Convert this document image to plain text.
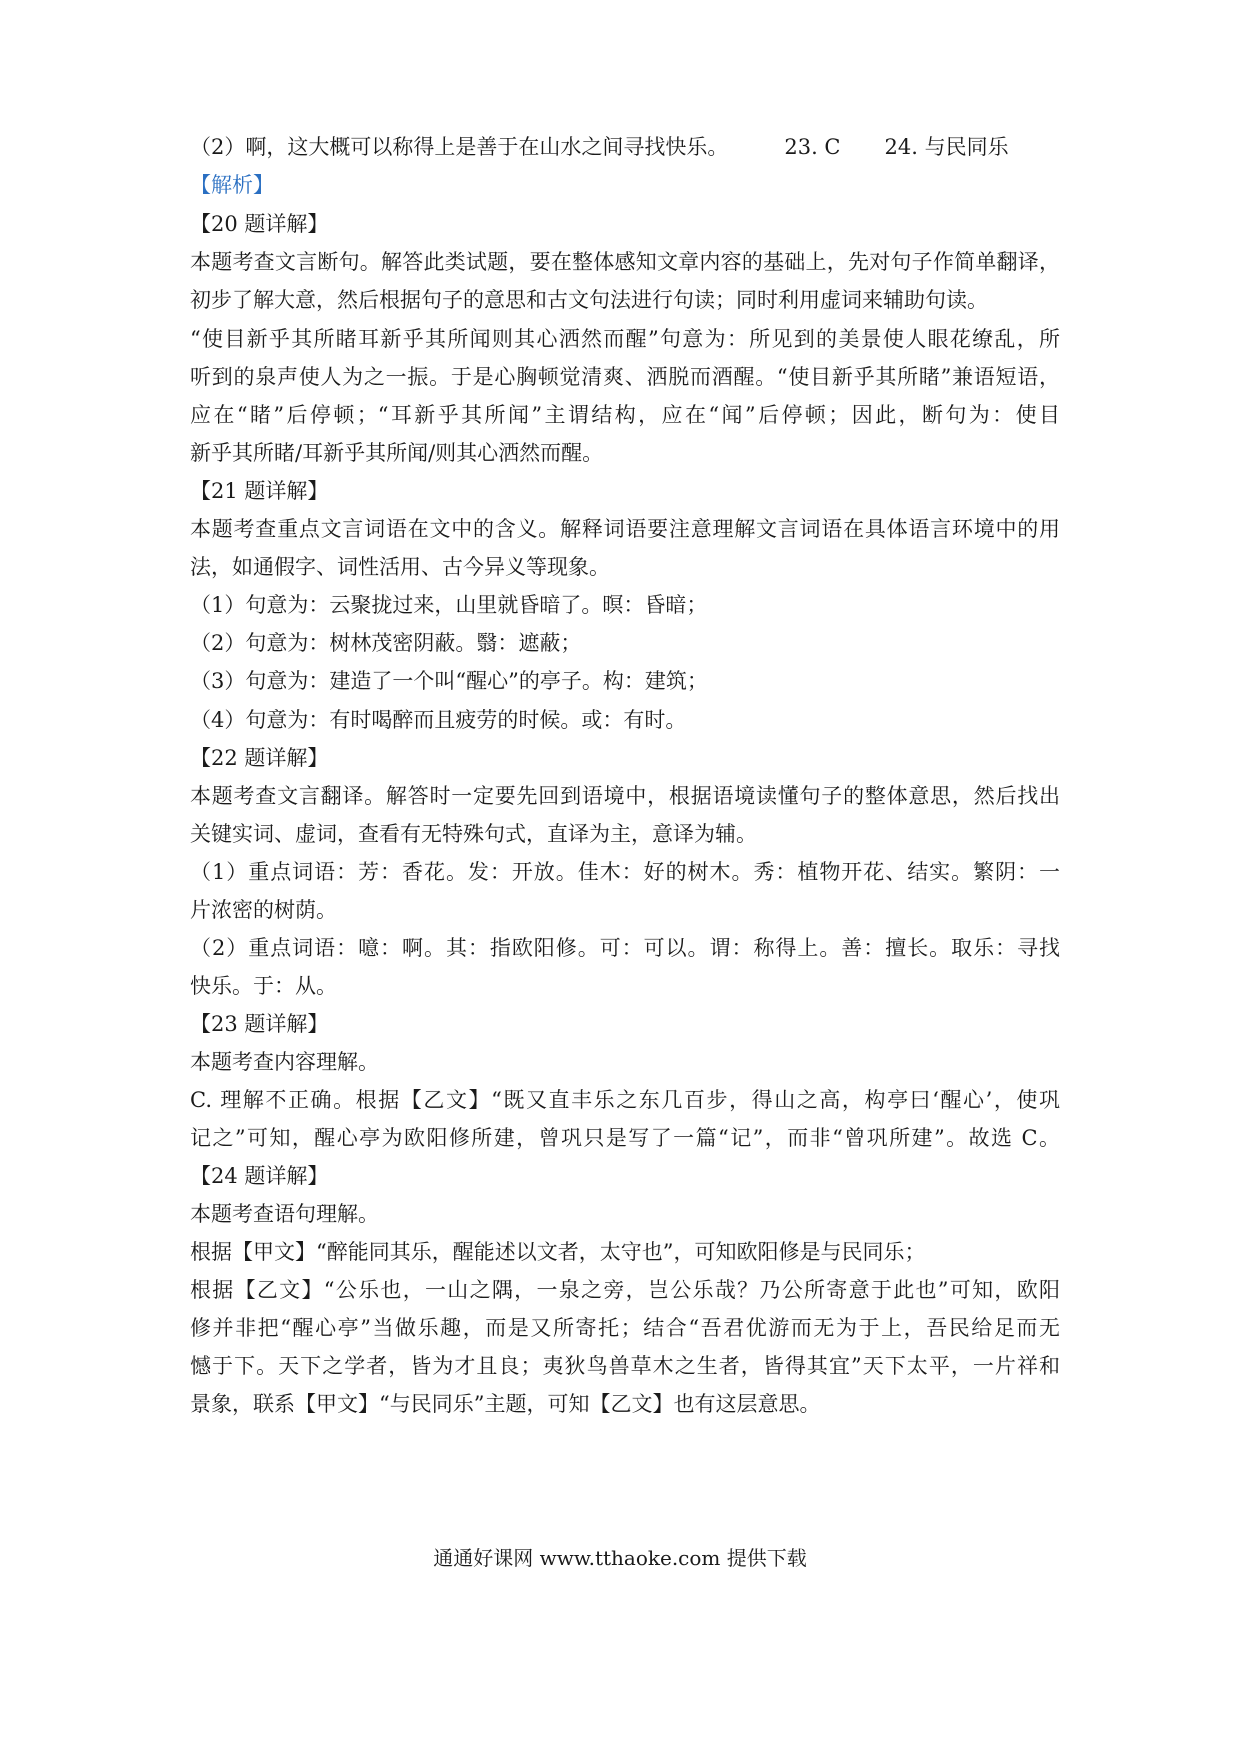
（2）啊，这大概可以称得上是善于在山水之间寻找快乐。	23. C 24. 与民同乐
【解析】
【20 题详解】
本题考查文言断句。解答此类试题，要在整体感知文章内容的基础上，先对句子作简单翻译，
初步了解大意，然后根据句子的意思和古文句法进行句读；同时利用虚词来辅助句读。
“使目新乎其所睹耳新乎其所闻则其心洒然而醒”句意为：所见到的美景使人眼花缭乱，所
听到的泉声使人为之一振。于是心胸顿觉清爽、洒脱而酒醒。“使目新乎其所睹”兼语短语，
应在“睹”后停顿；“耳新乎其所闻”主谓结构，应在“闻”后停顿；因此，断句为：使目
新乎其所睹/耳新乎其所闻/则其心洒然而醒。
【21 题详解】
本题考查重点文言词语在文中的含义。解释词语要注意理解文言词语在具体语言环境中的用
法，如通假字、词性活用、古今异义等现象。
（1）句意为：云聚拢过来，山里就昏暗了。暝：昏暗；
（2）句意为：树林茂密阴蔽。翳：遮蔽；
（3）句意为：建造了一个叫“醒心”的亭子。构：建筑；
（4）句意为：有时喝醉而且疲劳的时候。或：有时。
【22 题详解】
本题考查文言翻译。解答时一定要先回到语境中，根据语境读懂句子的整体意思，然后找出
关键实词、虚词，查看有无特殊句式，直译为主，意译为辅。
（1）重点词语：芳：香花。发：开放。佳木：好的树木。秀：植物开花、结实。繁阴：一
片浓密的树荫。
（2）重点词语：噫：啊。其：指欧阳修。可：可以。谓：称得上。善：擅长。取乐：寻找
快乐。于：从。
【23 题详解】
本题考查内容理解。
C. 理解不正确。根据【乙文】“既又直丰乐之东几百步，得山之高，构亭曰‘醒心’，使巩
记之”可知，醒心亭为欧阳修所建，曾巩只是写了一篇“记”，而非“曾巩所建”。故选 C。
【24 题详解】
本题考查语句理解。
根据【甲文】“醉能同其乐，醒能述以文者，太守也”，可知欧阳修是与民同乐；
根据【乙文】“公乐也，一山之隅，一泉之旁，岂公乐哉？乃公所寄意于此也”可知，欧阳
修并非把“醒心亭”当做乐趣，而是又所寄托；结合“吾君优游而无为于上，吾民给足而无
憾于下。天下之学者，皆为才且良；夷狄鸟兽草木之生者，皆得其宜”天下太平，一片祥和
景象，联系【甲文】“与民同乐”主题，可知【乙文】也有这层意思。
通通好课网 www.tthaoke.com 提供下载
